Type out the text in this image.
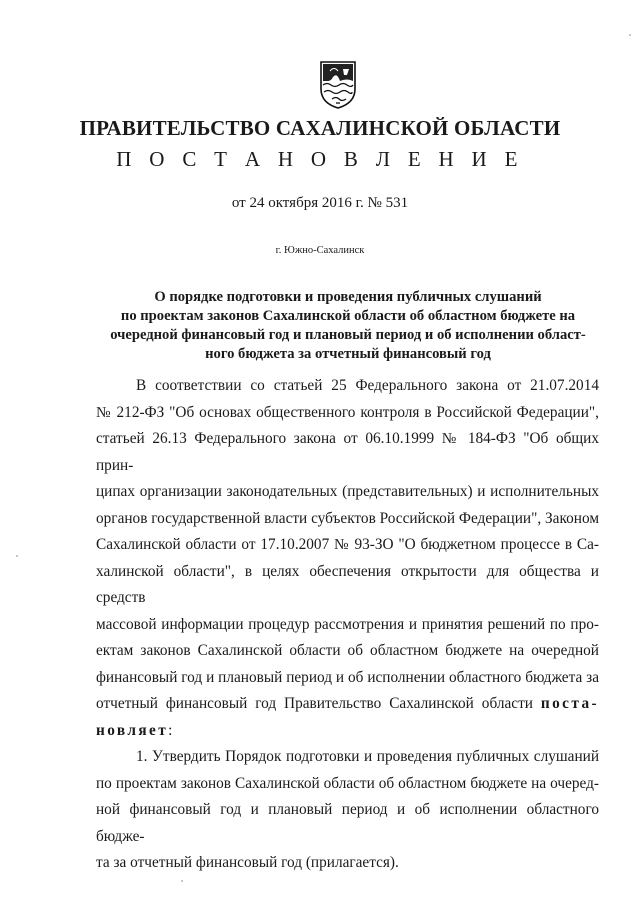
ПРАВИТЕЛЬСТВО САХАЛИНСКОЙ ОБЛАСТИ
П О С Т А Н О В Л Е Н И Е
от 24 октября 2016 г. № 531
г. Южно-Сахалинск
О порядке подготовки и проведения публичных слушаний
по проектам законов Сахалинской области об областном бюджете на
очередной финансовый год и плановый период и об исполнении област-
ного бюджета за отчетный финансовый год
В соответствии со статьей 25 Федерального закона от 21.07.2014
№ 212-ФЗ "Об основах общественного контроля в Российской Федерации",
статьей 26.13 Федерального закона от 06.10.1999 № 184-ФЗ "Об общих прин-
ципах организации законодательных (представительных) и исполнительных
органов государственной власти субъектов Российской Федерации", Законом
Сахалинской области от 17.10.2007 № 93-ЗО "О бюджетном процессе в Са-
халинской области", в целях обеспечения открытости для общества и средств
массовой информации процедур рассмотрения и принятия решений по про-
ектам законов Сахалинской области об областном бюджете на очередной
финансовый год и плановый период и об исполнении областного бюджета за
отчетный финансовый год Правительство Сахалинской области поста-
новляет:
1. Утвердить Порядок подготовки и проведения публичных слушаний
по проектам законов Сахалинской области об областном бюджете на очеред-
ной финансовый год и плановый период и об исполнении областного бюдже-
та за отчетный финансовый год (прилагается).
